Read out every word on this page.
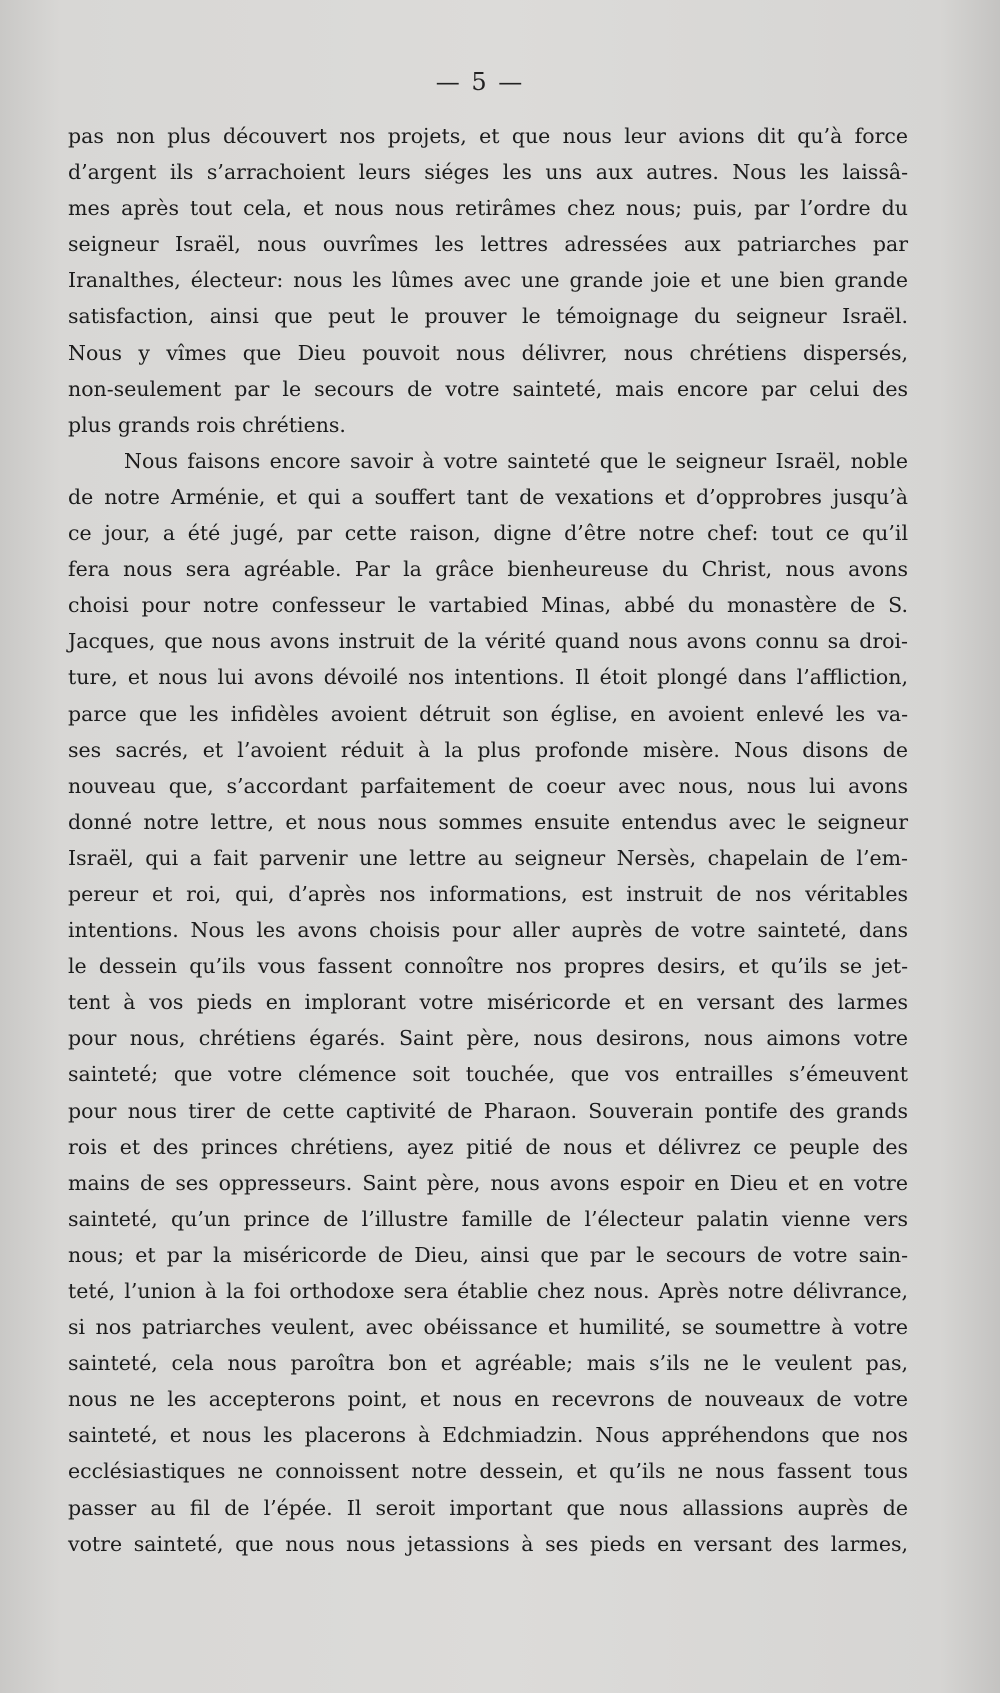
— 5 —
pas non plus découvert nos projets, et que nous leur avions dit qu’à force
d’argent ils s’arrachoient leurs siéges les uns aux autres. Nous les laissâ-
mes après tout cela, et nous nous retirâmes chez nous; puis, par l’ordre du
seigneur Israël, nous ouvrîmes les lettres adressées aux patriarches par
Iranalthes, électeur: nous les lûmes avec une grande joie et une bien grande
satisfaction, ainsi que peut le prouver le témoignage du seigneur Israël.
Nous y vîmes que Dieu pouvoit nous délivrer, nous chrétiens dispersés,
non-seulement par le secours de votre sainteté, mais encore par celui des
plus grands rois chrétiens.
Nous faisons encore savoir à votre sainteté que le seigneur Israël, noble
de notre Arménie, et qui a souffert tant de vexations et d’opprobres jusqu’à
ce jour, a été jugé, par cette raison, digne d’être notre chef: tout ce qu’il
fera nous sera agréable. Par la grâce bienheureuse du Christ, nous avons
choisi pour notre confesseur le vartabied Minas, abbé du monastère de S.
Jacques, que nous avons instruit de la vérité quand nous avons connu sa droi-
ture, et nous lui avons dévoilé nos intentions. Il étoit plongé dans l’affliction,
parce que les infidèles avoient détruit son église, en avoient enlevé les va-
ses sacrés, et l’avoient réduit à la plus profonde misère. Nous disons de
nouveau que, s’accordant parfaitement de coeur avec nous, nous lui avons
donné notre lettre, et nous nous sommes ensuite entendus avec le seigneur
Israël, qui a fait parvenir une lettre au seigneur Nersès, chapelain de l’em-
pereur et roi, qui, d’après nos informations, est instruit de nos véritables
intentions. Nous les avons choisis pour aller auprès de votre sainteté, dans
le dessein qu’ils vous fassent connoître nos propres desirs, et qu’ils se jet-
tent à vos pieds en implorant votre miséricorde et en versant des larmes
pour nous, chrétiens égarés. Saint père, nous desirons, nous aimons votre
sainteté; que votre clémence soit touchée, que vos entrailles s’émeuvent
pour nous tirer de cette captivité de Pharaon. Souverain pontife des grands
rois et des princes chrétiens, ayez pitié de nous et délivrez ce peuple des
mains de ses oppresseurs. Saint père, nous avons espoir en Dieu et en votre
sainteté, qu’un prince de l’illustre famille de l’électeur palatin vienne vers
nous; et par la miséricorde de Dieu, ainsi que par le secours de votre sain-
teté, l’union à la foi orthodoxe sera établie chez nous. Après notre délivrance,
si nos patriarches veulent, avec obéissance et humilité, se soumettre à votre
sainteté, cela nous paroîtra bon et agréable; mais s’ils ne le veulent pas,
nous ne les accepterons point, et nous en recevrons de nouveaux de votre
sainteté, et nous les placerons à Edchmiadzin. Nous appréhendons que nos
ecclésiastiques ne connoissent notre dessein, et qu’ils ne nous fassent tous
passer au fil de l’épée. Il seroit important que nous allassions auprès de
votre sainteté, que nous nous jetassions à ses pieds en versant des larmes,
